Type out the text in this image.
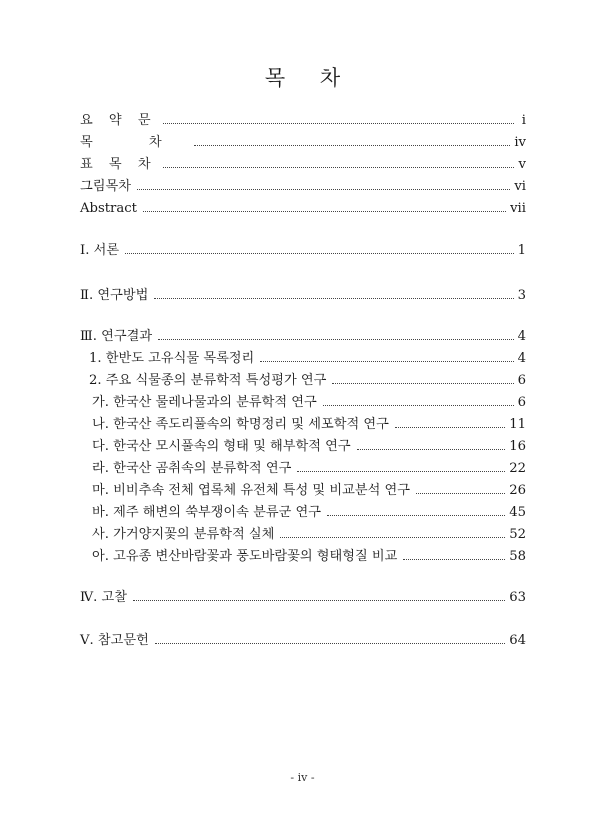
목 차
요 약 문	i
목 차	iv
표 목 차	v
그림목차	vi
Abstract	vii
Ⅰ. 서론	1
Ⅱ. 연구방법	3
Ⅲ. 연구결과	4
1. 한반도 고유식물 목록정리	4
2. 주요 식물종의 분류학적 특성평가 연구	6
가. 한국산 물레나물과의 분류학적 연구	6
나. 한국산 족도리풀속의 학명정리 및 세포학적 연구	11
다. 한국산 모시풀속의 형태 및 해부학적 연구	16
라. 한국산 곰취속의 분류학적 연구	22
마. 비비추속 전체 엽록체 유전체 특성 및 비교분석 연구	26
바. 제주 해변의 쑥부쟁이속 분류군 연구	45
사. 가거양지꽃의 분류학적 실체	52
아. 고유종 변산바람꽃과 풍도바람꽃의 형태형질 비교	58
Ⅳ. 고찰	63
Ⅴ. 참고문헌	64
- iv -
